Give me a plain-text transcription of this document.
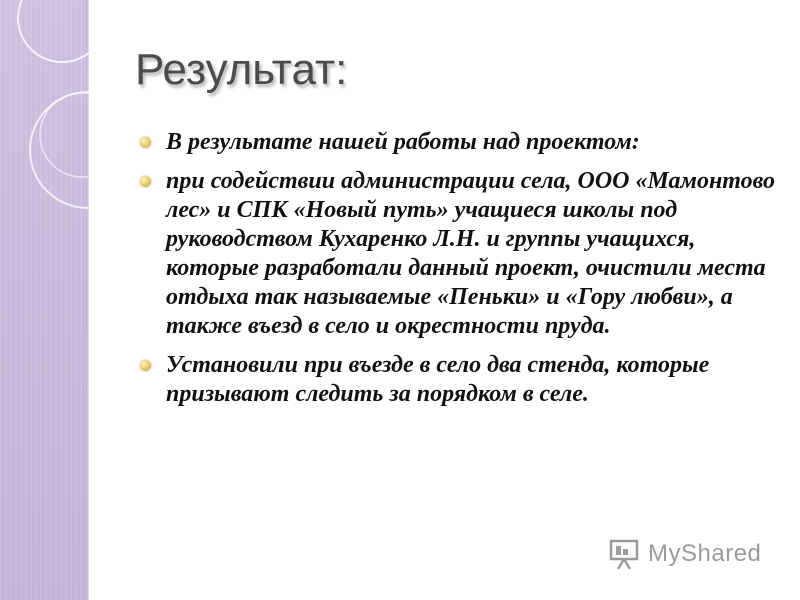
Результат:
В результате нашей работы над проектом:
при содействии администрации села, ООО «Мамонтово лес» и СПК «Новый путь» учащиеся школы под руководством Кухаренко Л.Н. и группы учащихся, которые разработали данный проект, очистили места отдыха так называемые «Пеньки» и «Гору любви», а также въезд в село и окрестности пруда.
Установили при въезде в село два стенда, которые призывают следить за порядком в селе.
MyShared
